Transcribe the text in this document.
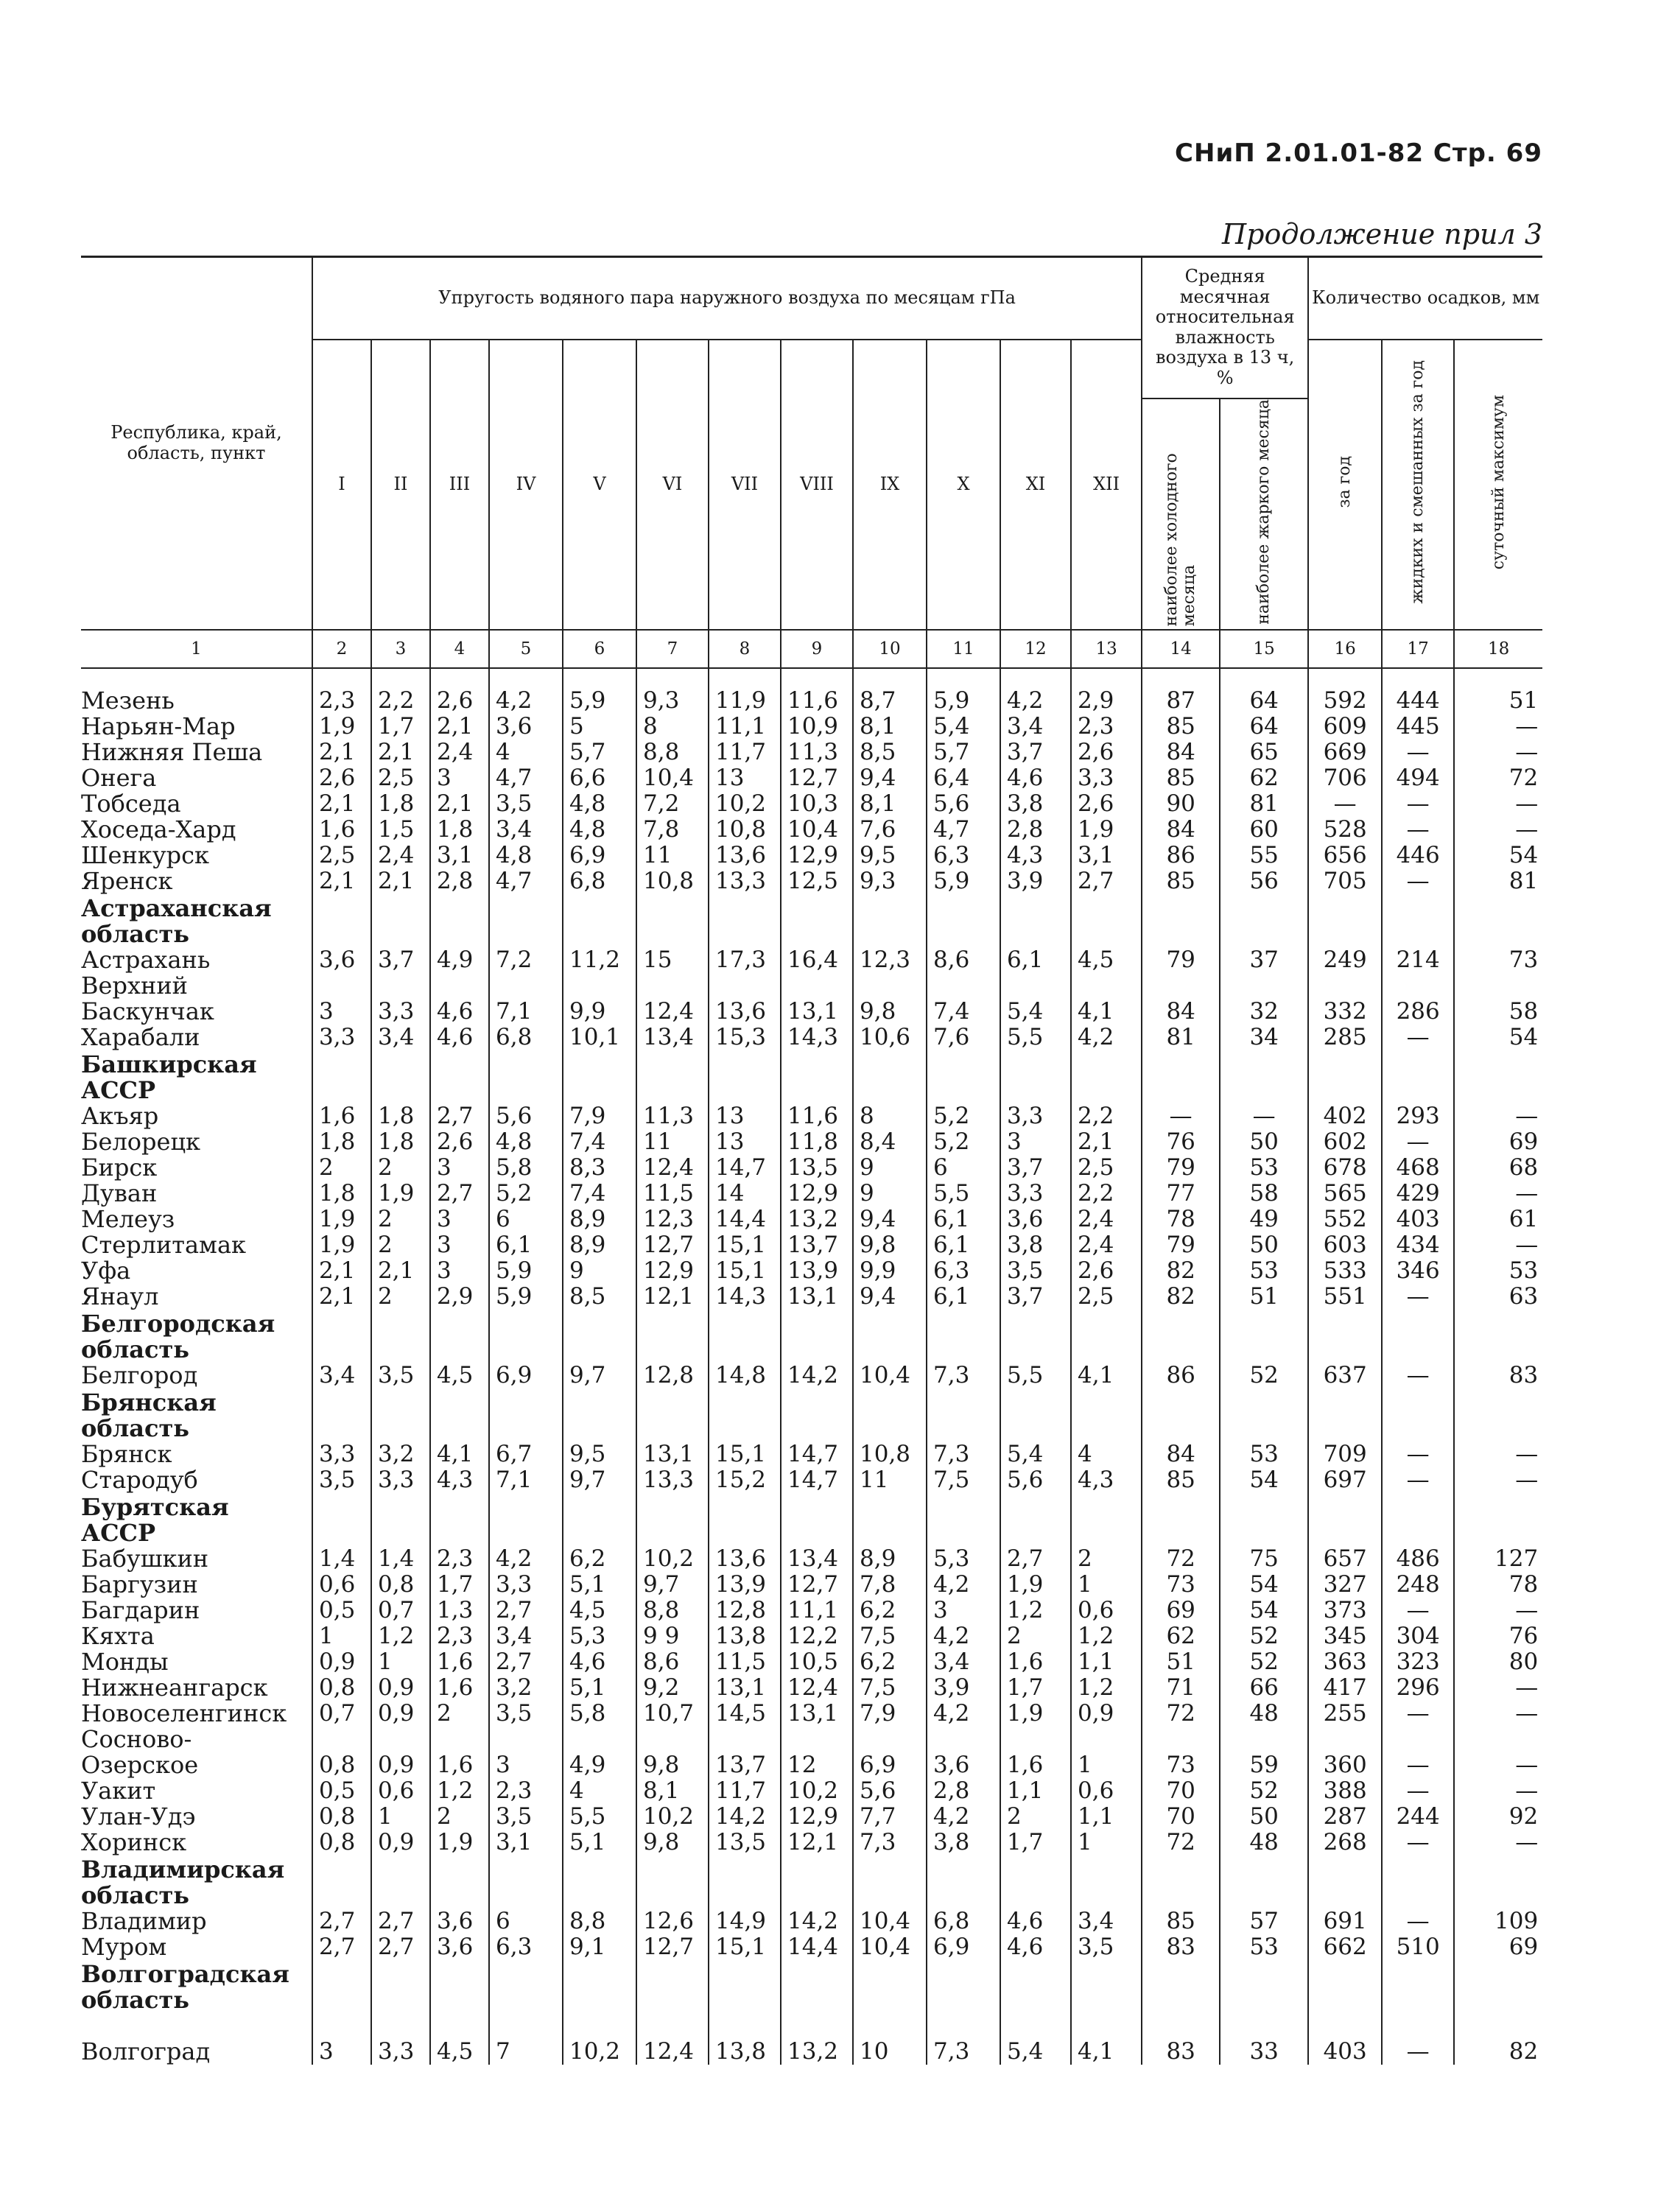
СНиП 2.01.01-82 Стр. 69
Продолжение прил 3
Республика, край, область, пункт	Упругость водяного пара наружного воздуха по месяцам гПа												Средняя месячная относительная влажность воздуха в 13 ч, %		Количество осадков, мм		
	I	II	III	IV	V	VI	VII	VIII	IX	X	XI	XII			за год	жидких и смешанных за год	суточный максимум
													наиболее холодного месяца	наиболее жаркого месяца			
1	2	3	4	5	6	7	8	9	10	11	12	13	14	15	16	17	18

Мезень	2,3	2,2	2,6	4,2	5,9	9,3	11,9	11,6	8,7	5,9	4,2	2,9	87	64	592	444	51
Нарьян-Мар	1,9	1,7	2,1	3,6	5	8	11,1	10,9	8,1	5,4	3,4	2,3	85	64	609	445	—
Нижняя Пеша	2,1	2,1	2,4	4	5,7	8,8	11,7	11,3	8,5	5,7	3,7	2,6	84	65	669	—	—
Онега	2,6	2,5	3	4,7	6,6	10,4	13	12,7	9,4	6,4	4,6	3,3	85	62	706	494	72
Тобседа	2,1	1,8	2,1	3,5	4,8	7,2	10,2	10,3	8,1	5,6	3,8	2,6	90	81	—	—	—
Хоседа-Хард	1,6	1,5	1,8	3,4	4,8	7,8	10,8	10,4	7,6	4,7	2,8	1,9	84	60	528	—	—
Шенкурск	2,5	2,4	3,1	4,8	6,9	11	13,6	12,9	9,5	6,3	4,3	3,1	86	55	656	446	54
Яренск	2,1	2,1	2,8	4,7	6,8	10,8	13,3	12,5	9,3	5,9	3,9	2,7	85	56	705	—	81
Астраханская область																	
Астрахань	3,6	3,7	4,9	7,2	11,2	15	17,3	16,4	12,3	8,6	6,1	4,5	79	37	249	214	73
Верхний Баскунчак	3	3,3	4,6	7,1	9,9	12,4	13,6	13,1	9,8	7,4	5,4	4,1	84	32	332	286	58
Харабали	3,3	3,4	4,6	6,8	10,1	13,4	15,3	14,3	10,6	7,6	5,5	4,2	81	34	285	—	54
Башкирская АССР																	
Акъяр	1,6	1,8	2,7	5,6	7,9	11,3	13	11,6	8	5,2	3,3	2,2	—	—	402	293	—
Белорецк	1,8	1,8	2,6	4,8	7,4	11	13	11,8	8,4	5,2	3	2,1	76	50	602	—	69
Бирск	2	2	3	5,8	8,3	12,4	14,7	13,5	9	6	3,7	2,5	79	53	678	468	68
Дуван	1,8	1,9	2,7	5,2	7,4	11,5	14	12,9	9	5,5	3,3	2,2	77	58	565	429	—
Мелеуз	1,9	2	3	6	8,9	12,3	14,4	13,2	9,4	6,1	3,6	2,4	78	49	552	403	61
Стерлитамак	1,9	2	3	6,1	8,9	12,7	15,1	13,7	9,8	6,1	3,8	2,4	79	50	603	434	—
Уфа	2,1	2,1	3	5,9	9	12,9	15,1	13,9	9,9	6,3	3,5	2,6	82	53	533	346	53
Янаул	2,1	2	2,9	5,9	8,5	12,1	14,3	13,1	9,4	6,1	3,7	2,5	82	51	551	—	63
Белгородская область																	
Белгород	3,4	3,5	4,5	6,9	9,7	12,8	14,8	14,2	10,4	7,3	5,5	4,1	86	52	637	—	83
Брянская область																	
Брянск	3,3	3,2	4,1	6,7	9,5	13,1	15,1	14,7	10,8	7,3	5,4	4	84	53	709	—	—
Стародуб	3,5	3,3	4,3	7,1	9,7	13,3	15,2	14,7	11	7,5	5,6	4,3	85	54	697	—	—
Бурятская АССР																	
Бабушкин	1,4	1,4	2,3	4,2	6,2	10,2	13,6	13,4	8,9	5,3	2,7	2	72	75	657	486	127
Баргузин	0,6	0,8	1,7	3,3	5,1	9,7	13,9	12,7	7,8	4,2	1,9	1	73	54	327	248	78
Багдарин	0,5	0,7	1,3	2,7	4,5	8,8	12,8	11,1	6,2	3	1,2	0,6	69	54	373	—	—
Кяхта	1	1,2	2,3	3,4	5,3	9 9	13,8	12,2	7,5	4,2	2	1,2	62	52	345	304	76
Монды	0,9	1	1,6	2,7	4,6	8,6	11,5	10,5	6,2	3,4	1,6	1,1	51	52	363	323	80
Нижнеангарск	0,8	0,9	1,6	3,2	5,1	9,2	13,1	12,4	7,5	3,9	1,7	1,2	71	66	417	296	—
Новоселенгинск	0,7	0,9	2	3,5	5,8	10,7	14,5	13,1	7,9	4,2	1,9	0,9	72	48	255	—	—
Сосново-Озерское	0,8	0,9	1,6	3	4,9	9,8	13,7	12	6,9	3,6	1,6	1	73	59	360	—	—
Уакит	0,5	0,6	1,2	2,3	4	8,1	11,7	10,2	5,6	2,8	1,1	0,6	70	52	388	—	—
Улан-Удэ	0,8	1	2	3,5	5,5	10,2	14,2	12,9	7,7	4,2	2	1,1	70	50	287	244	92
Хоринск	0,8	0,9	1,9	3,1	5,1	9,8	13,5	12,1	7,3	3,8	1,7	1	72	48	268	—	—
Владимирская область																	
Владимир	2,7	2,7	3,6	6	8,8	12,6	14,9	14,2	10,4	6,8	4,6	3,4	85	57	691	—	109
Муром	2,7	2,7	3,6	6,3	9,1	12,7	15,1	14,4	10,4	6,9	4,6	3,5	83	53	662	510	69
Волгоградская область																	
Волгоград	3	3,3	4,5	7	10,2	12,4	13,8	13,2	10	7,3	5,4	4,1	83	33	403	—	82
